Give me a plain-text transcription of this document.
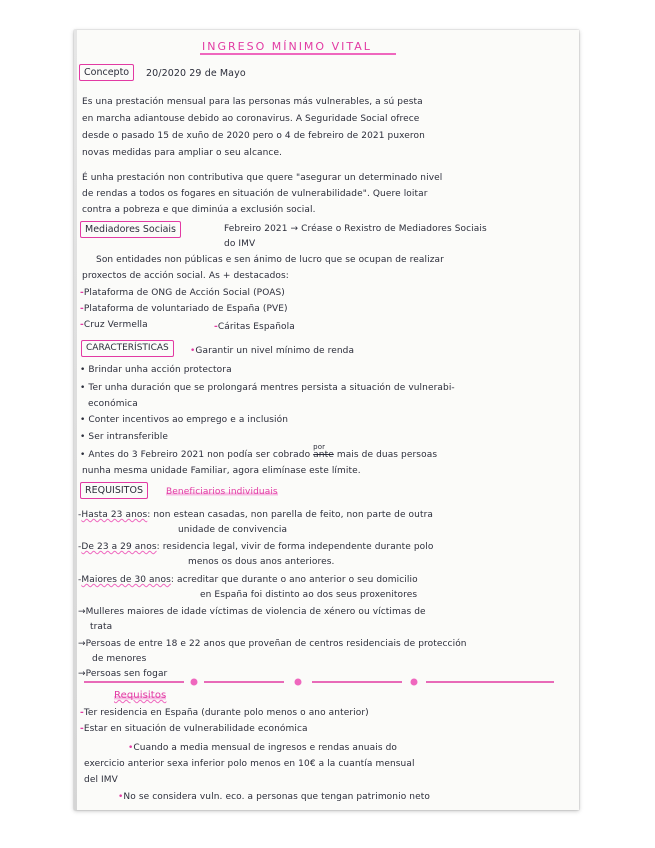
INGRESO MÍNIMO VITAL
Concepto	20/2020 29 de Mayo
Es una prestación mensual para las personas más vulnerables, a sú pesta
en marcha adiantouse debido ao coronavirus. A Seguridade Social ofrece
desde o pasado 15 de xuño de 2020 pero o 4 de febreiro de 2021 puxeron
novas medidas para ampliar o seu alcance.
É unha prestación non contributiva que quere "asegurar un determinado nivel
de rendas a todos os fogares en situación de vulnerabilidade". Quere loitar
contra a pobreza e que diminúa a exclusión social.
Mediadores Sociais	Febreiro 2021 → Créase o Rexistro de Mediadores Sociais
do IMV
Son entidades non públicas e sen ánimo de lucro que se ocupan de realizar
proxectos de acción social. As + destacados:
-Plataforma de ONG de Acción Social (POAS)
-Plataforma de voluntariado de España (PVE)
-Cruz Vermella	-Cáritas Española
CARACTERÍSTICAS	•Garantir un nivel mínimo de renda
• Brindar unha acción protectora
• Ter unha duración que se prolongará mentres persista a situación de vulnerabi-
económica
• Conter incentivos ao emprego e a inclusión
• Ser intransferible
• Antes do 3 Febreiro 2021 non podía ser cobrado
por
ante mais de duas persoas
nunha mesma unidade Familiar, agora elimínase este límite.
REQUISITOS	Beneficiarios individuais
-Hasta 23 anos: non estean casadas, non parella de feito, non parte de outra
unidade de convivencia
-De 23 a 29 anos: residencia legal, vivir de forma independente durante polo
menos os dous anos anteriores.
-Maiores de 30 anos: acreditar que durante o ano anterior o seu domicilio
en España foi distinto ao dos seus proxenitores
→Mulleres maiores de idade víctimas de violencia de xénero ou víctimas de
trata
→Persoas de entre 18 e 22 anos que proveñan de centros residenciais de protección
de menores
→Persoas sen fogar
Requisitos
-Ter residencia en España (durante polo menos o ano anterior)
-Estar en situación de vulnerabilidade económica
•Cuando a media mensual de ingresos e rendas anuais do
exercicio anterior sexa inferior polo menos en 10€ a la cuantía mensual
del IMV
•No se considera vuln. eco. a personas que tengan patrimonio neto
